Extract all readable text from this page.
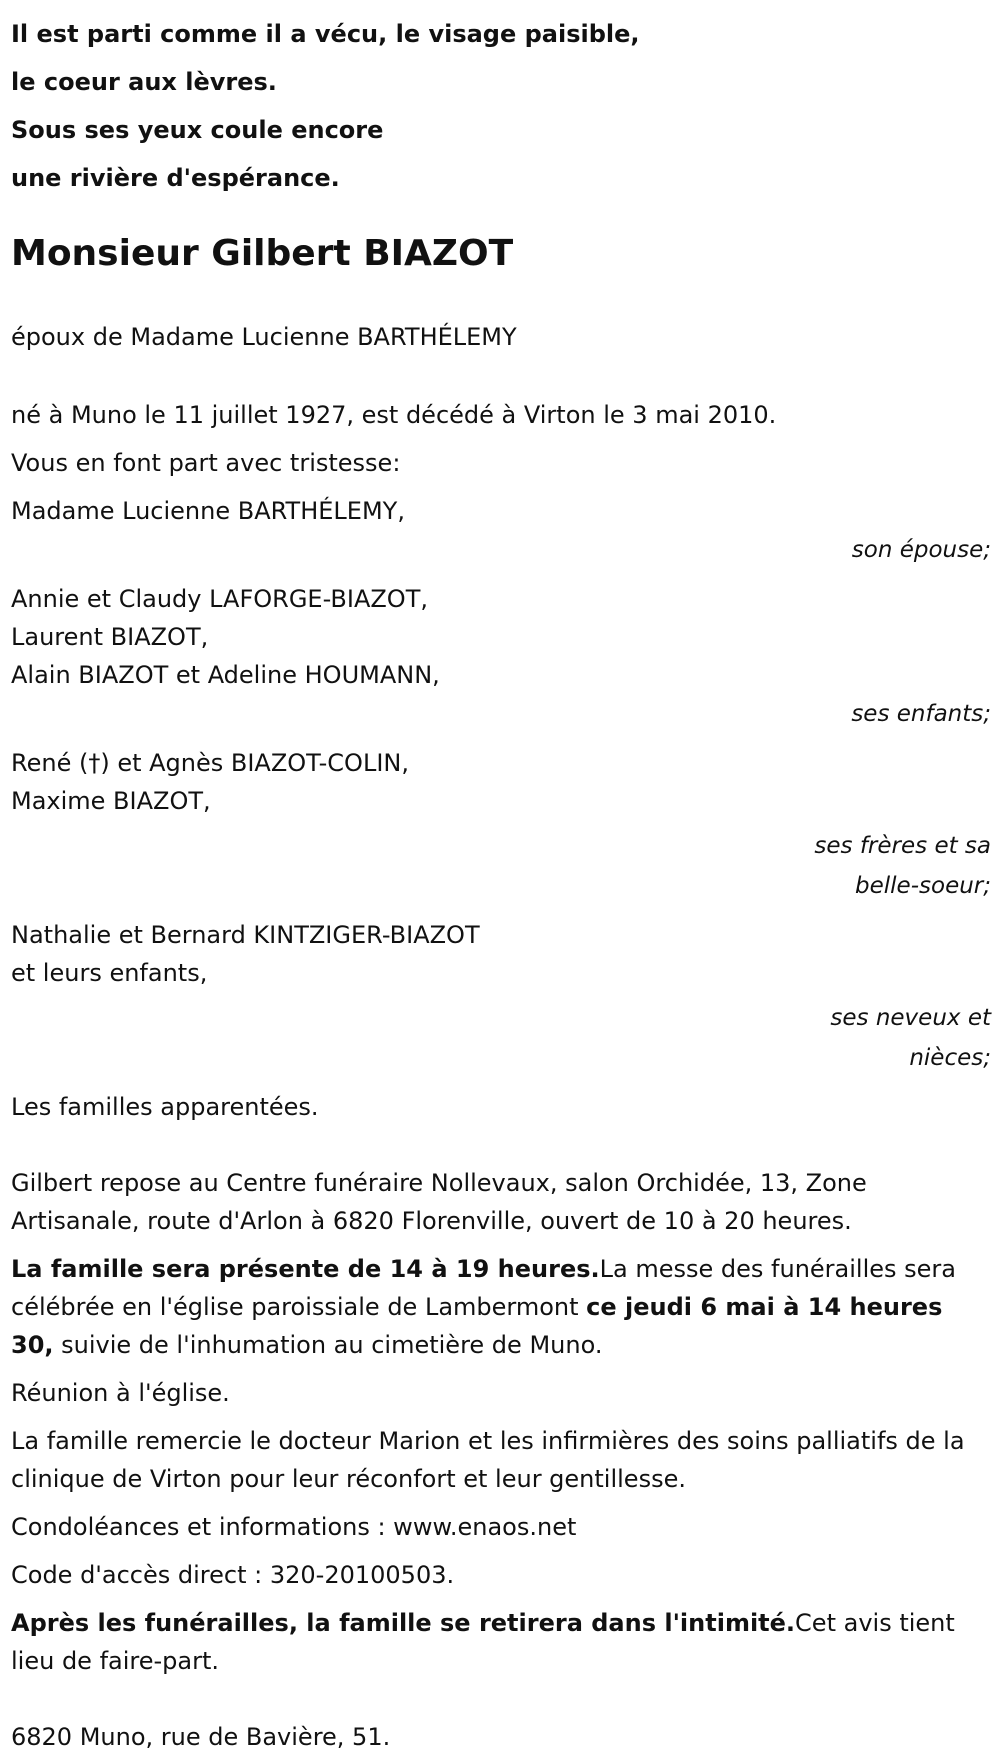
Il est parti comme il a vécu, le visage paisible,
le coeur aux lèvres.
Sous ses yeux coule encore
une rivière d'espérance.
Monsieur Gilbert BIAZOT
époux de Madame Lucienne BARTHÉLEMY
né à Muno le 11 juillet 1927, est décédé à Virton le 3 mai 2010.
Vous en font part avec tristesse:
Madame Lucienne BARTHÉLEMY,
son épouse;
Annie et Claudy LAFORGE-BIAZOT,
Laurent BIAZOT,
Alain BIAZOT et Adeline HOUMANN,
ses enfants;
René (†) et Agnès BIAZOT-COLIN,
Maxime BIAZOT,
ses frères et sa
belle-soeur;
Nathalie et Bernard KINTZIGER-BIAZOT
et leurs enfants,
ses neveux et
nièces;
Les familles apparentées.
Gilbert repose au Centre funéraire Nollevaux, salon Orchidée, 13, Zone Artisanale, route d'Arlon à 6820 Florenville, ouvert de 10 à 20 heures.
La famille sera présente de 14 à 19 heures.La messe des funérailles sera célébrée en l'église paroissiale de Lambermont ce jeudi 6 mai à 14 heures 30, suivie de l'inhumation au cimetière de Muno.
Réunion à l'église.
La famille remercie le docteur Marion et les infirmières des soins palliatifs de la clinique de Virton pour leur réconfort et leur gentillesse.
Condoléances et informations : www.enaos.net
Code d'accès direct : 320-20100503.
Après les funérailles, la famille se retirera dans l'intimité.Cet avis tient lieu de faire-part.
6820 Muno, rue de Bavière, 51.
